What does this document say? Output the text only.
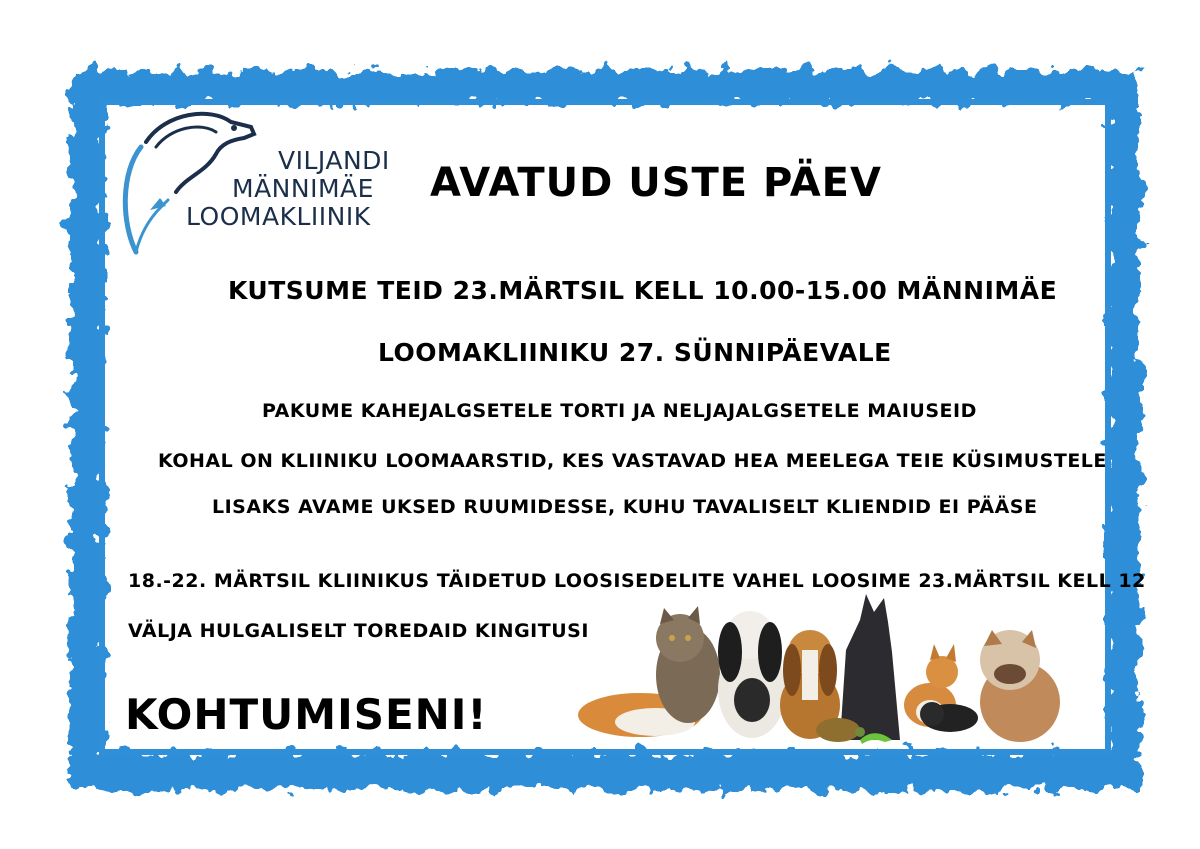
VILJANDI
MÄNNIMÄE
LOOMAKLIINIK
AVATUD USTE PÄEV
KUTSUME TEID 23.MÄRTSIL KELL 10.00-15.00 MÄNNIMÄE
LOOMAKLIINIKU 27. SÜNNIPÄEVALE
PAKUME KAHEJALGSETELE TORTI JA NELJAJALGSETELE MAIUSEID
KOHAL ON KLIINIKU LOOMAARSTID, KES VASTAVAD HEA MEELEGA TEIE KÜSIMUSTELE
LISAKS AVAME UKSED RUUMIDESSE, KUHU TAVALISELT KLIENDID EI PÄÄSE
18.-22. MÄRTSIL KLIINIKUS TÄIDETUD LOOSISEDELITE VAHEL LOOSIME 23.MÄRTSIL KELL 12
VÄLJA HULGALISELT TOREDAID KINGITUSI
KOHTUMISENI!
